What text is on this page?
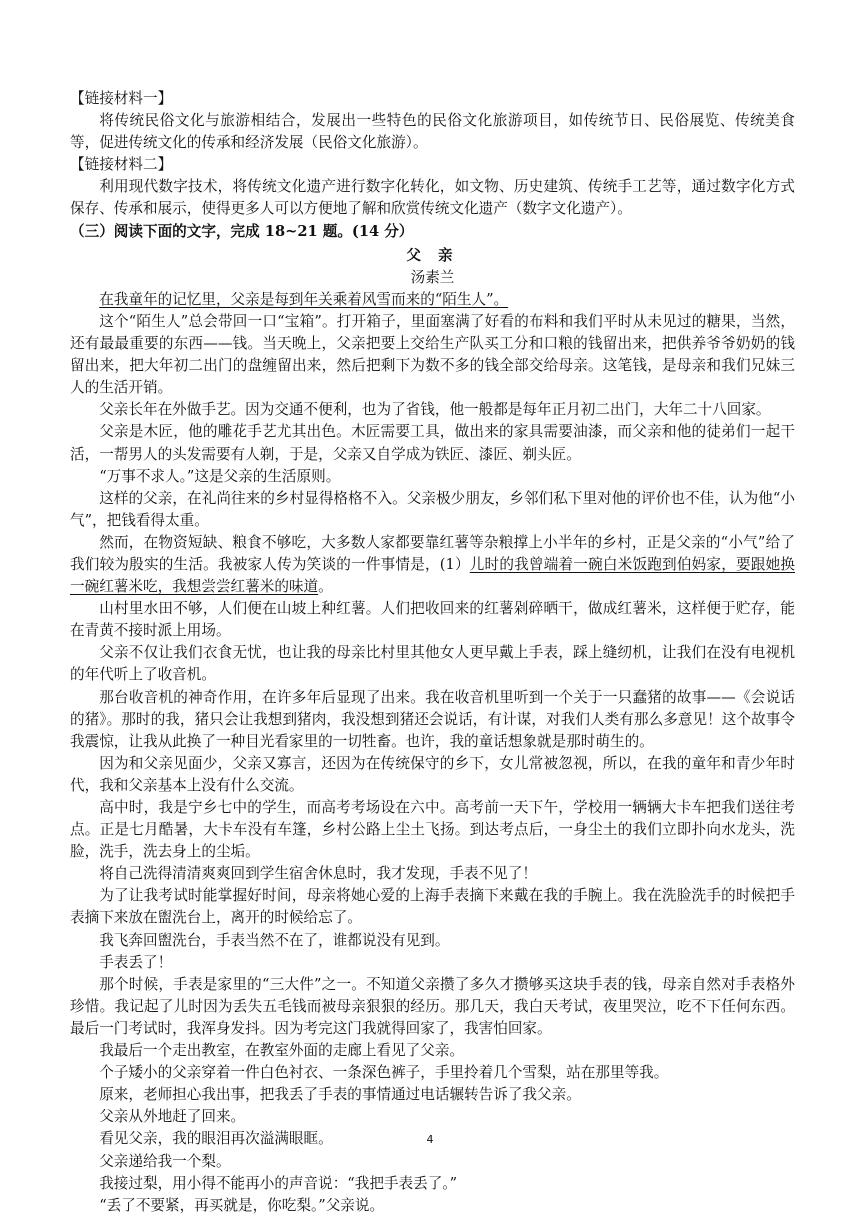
【链接材料一】

将传统民俗文化与旅游相结合，发展出一些特色的民俗文化旅游项目，如传统节日、民俗展览、传统美食等，促进传统文化的传承和经济发展（民俗文化旅游）。

【链接材料二】

利用现代数字技术，将传统文化遗产进行数字化转化，如文物、历史建筑、传统手工艺等，通过数字化方式保存、传承和展示，使得更多人可以方便地了解和欣赏传统文化遗产（数字文化遗产）。

（三）阅读下面的文字，完成 18~21 题。(14 分）

父 亲

汤素兰

在我童年的记忆里，父亲是每到年关乘着风雪而来的“陌生人”。

这个“陌生人”总会带回一口“宝箱”。打开箱子，里面塞满了好看的布料和我们平时从未见过的糖果，当然，还有最最重要的东西——钱。当天晚上，父亲把要上交给生产队买工分和口粮的钱留出来，把供养爷爷奶奶的钱留出来，把大年初二出门的盘缠留出来，然后把剩下为数不多的钱全部交给母亲。这笔钱，是母亲和我们兄妹三人的生活开销。

父亲长年在外做手艺。因为交通不便利，也为了省钱，他一般都是每年正月初二出门，大年二十八回家。

父亲是木匠，他的雕花手艺尤其出色。木匠需要工具，做出来的家具需要油漆，而父亲和他的徒弟们一起干活，一帮男人的头发需要有人剃，于是，父亲又自学成为铁匠、漆匠、剃头匠。

“万事不求人。”这是父亲的生活原则。

这样的父亲，在礼尚往来的乡村显得格格不入。父亲极少朋友，乡邻们私下里对他的评价也不佳，认为他“小气”，把钱看得太重。

然而，在物资短缺、粮食不够吃，大多数人家都要靠红薯等杂粮撑上小半年的乡村，正是父亲的“小气”给了我们较为殷实的生活。我被家人传为笑谈的一件事情是，(1）儿时的我曾端着一碗白米饭跑到伯妈家，要跟她换一碗红薯米吃，我想尝尝红薯米的味道。

山村里水田不够，人们便在山坡上种红薯。人们把收回来的红薯剁碎晒干，做成红薯米，这样便于贮存，能在青黄不接时派上用场。

父亲不仅让我们衣食无忧，也让我的母亲比村里其他女人更早戴上手表，踩上缝纫机，让我们在没有电视机的年代听上了收音机。

那台收音机的神奇作用，在许多年后显现了出来。我在收音机里听到一个关于一只蠢猪的故事——《会说话的猪》。那时的我，猪只会让我想到猪肉，我没想到猪还会说话，有计谋，对我们人类有那么多意见！这个故事令我震惊，让我从此换了一种目光看家里的一切牲畜。也许，我的童话想象就是那时萌生的。

因为和父亲见面少，父亲又寡言，还因为在传统保守的乡下，女儿常被忽视，所以，在我的童年和青少年时代，我和父亲基本上没有什么交流。

高中时，我是宁乡七中的学生，而高考考场设在六中。高考前一天下午，学校用一辆辆大卡车把我们送往考点。正是七月酷暑，大卡车没有车篷，乡村公路上尘土飞扬。到达考点后，一身尘土的我们立即扑向水龙头，洗脸，洗手，洗去身上的尘垢。

将自己洗得清清爽爽回到学生宿舍休息时，我才发现，手表不见了！

为了让我考试时能掌握好时间，母亲将她心爱的上海手表摘下来戴在我的手腕上。我在洗脸洗手的时候把手表摘下来放在盥洗台上，离开的时候给忘了。

我飞奔回盥洗台，手表当然不在了，谁都说没有见到。

手表丢了！

那个时候，手表是家里的“三大件”之一。不知道父亲攒了多久才攒够买这块手表的钱，母亲自然对手表格外珍惜。我记起了儿时因为丢失五毛钱而被母亲狠狠的经历。那几天，我白天考试，夜里哭泣，吃不下任何东西。最后一门考试时，我浑身发抖。因为考完这门我就得回家了，我害怕回家。

我最后一个走出教室，在教室外面的走廊上看见了父亲。

个子矮小的父亲穿着一件白色衬衣、一条深色裤子，手里拎着几个雪梨，站在那里等我。

原来，老师担心我出事，把我丢了手表的事情通过电话辗转告诉了我父亲。

父亲从外地赶了回来。

看见父亲，我的眼泪再次溢满眼眶。

父亲递给我一个梨。

我接过梨，用小得不能再小的声音说：“我把手表丢了。”

“丢了不要紧，再买就是，你吃梨。”父亲说。

4
